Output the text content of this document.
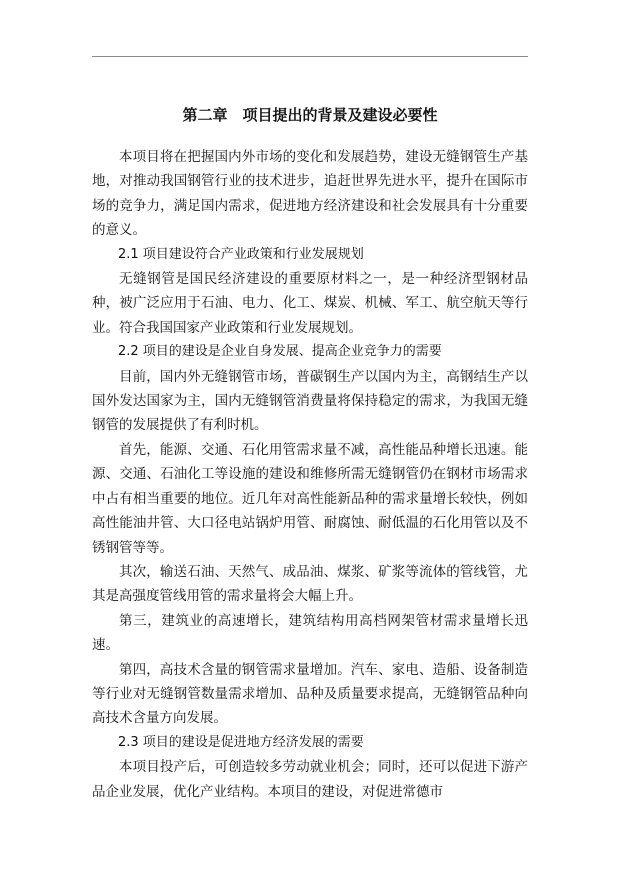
第二章　项目提出的背景及建设必要性

本项目将在把握国内外市场的变化和发展趋势，建设无缝钢管生产基地，对推动我国钢管行业的技术进步，追赶世界先进水平，提升在国际市场的竞争力，满足国内需求，促进地方经济建设和社会发展具有十分重要的意义。

2.1 项目建设符合产业政策和行业发展规划

无缝钢管是国民经济建设的重要原材料之一，是一种经济型钢材品种，被广泛应用于石油、电力、化工、煤炭、机械、军工、航空航天等行业。符合我国国家产业政策和行业发展规划。

2.2 项目的建设是企业自身发展、提高企业竞争力的需要

目前，国内外无缝钢管市场，普碳钢生产以国内为主，高钢结生产以国外发达国家为主，国内无缝钢管消费量将保持稳定的需求，为我国无缝钢管的发展提供了有利时机。

首先，能源、交通、石化用管需求量不减，高性能品种增长迅速。能源、交通、石油化工等设施的建设和维修所需无缝钢管仍在钢材市场需求中占有相当重要的地位。近几年对高性能新品种的需求量增长较快，例如高性能油井管、大口径电站锅炉用管、耐腐蚀、耐低温的石化用管以及不锈钢管等等。

其次，输送石油、天然气、成品油、煤浆、矿浆等流体的管线管，尤其是高强度管线用管的需求量将会大幅上升。

第三，建筑业的高速增长，建筑结构用高档网架管材需求量增长迅速。

第四，高技术含量的钢管需求量增加。汽车、家电、造船、设备制造等行业对无缝钢管数量需求增加、品种及质量要求提高，无缝钢管品种向高技术含量方向发展。

2.3 项目的建设是促进地方经济发展的需要

本项目投产后，可创造较多劳动就业机会；同时，还可以促进下游产品企业发展，优化产业结构。本项目的建设，对促进常德市
